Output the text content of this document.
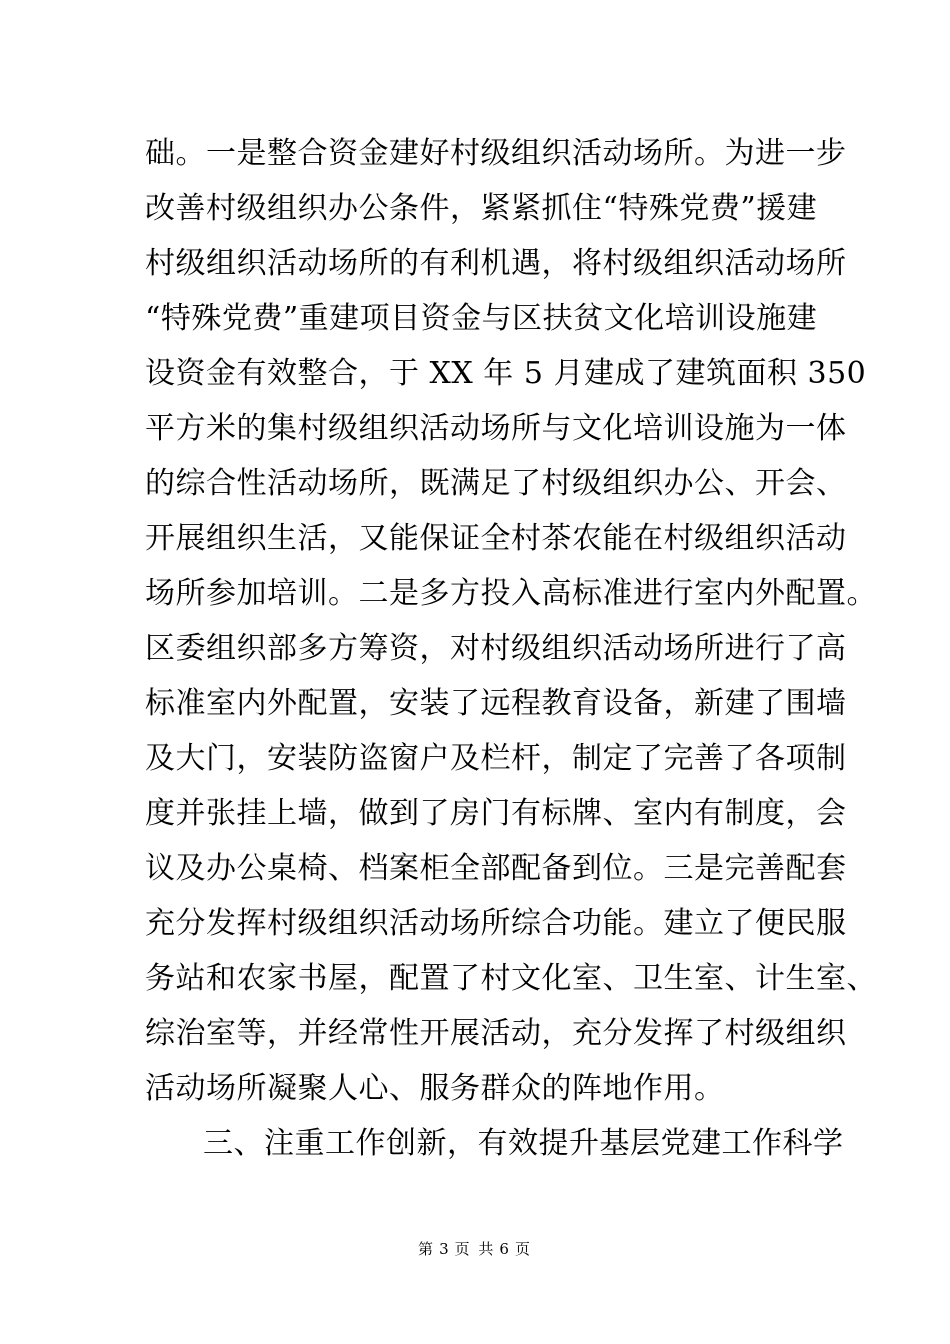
础。一是整合资金建好村级组织活动场所。为进一步
改善村级组织办公条件，紧紧抓住“特殊党费”援建
村级组织活动场所的有利机遇，将村级组织活动场所
“特殊党费”重建项目资金与区扶贫文化培训设施建
设资金有效整合，于 XX 年 5 月建成了建筑面积 350
平方米的集村级组织活动场所与文化培训设施为一体
的综合性活动场所，既满足了村级组织办公、开会、
开展组织生活，又能保证全村茶农能在村级组织活动
场所参加培训。二是多方投入高标准进行室内外配置。
区委组织部多方筹资，对村级组织活动场所进行了高
标准室内外配置，安装了远程教育设备，新建了围墙
及大门，安装防盗窗户及栏杆，制定了完善了各项制
度并张挂上墙，做到了房门有标牌、室内有制度，会
议及办公桌椅、档案柜全部配备到位。三是完善配套
充分发挥村级组织活动场所综合功能。建立了便民服
务站和农家书屋，配置了村文化室、卫生室、计生室、
综治室等，并经常性开展活动，充分发挥了村级组织
活动场所凝聚人心、服务群众的阵地作用。
三、注重工作创新，有效提升基层党建工作科学
第 3 页 共 6 页
